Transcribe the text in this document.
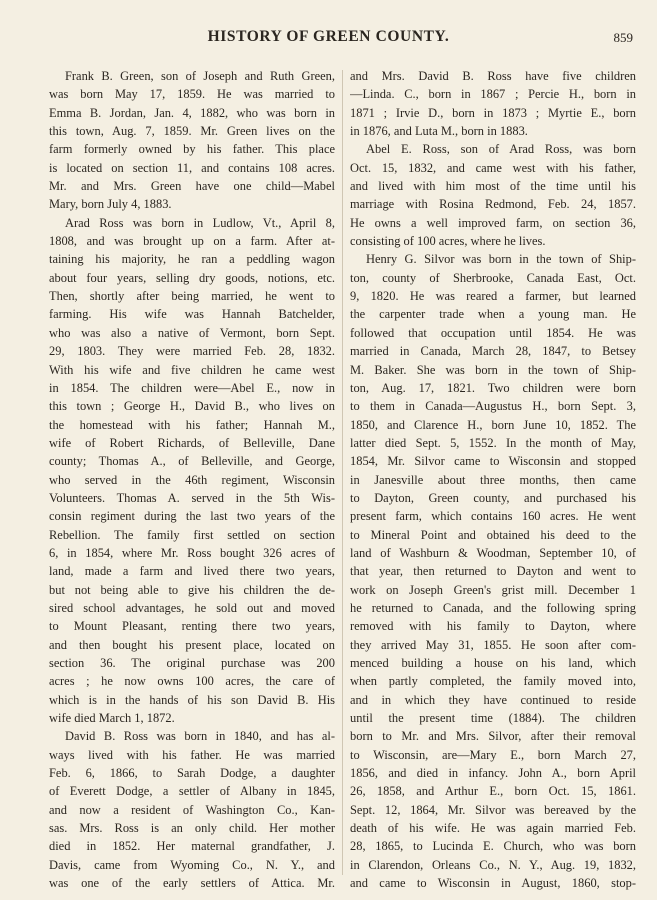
HISTORY OF GREEN COUNTY.	859
Frank B. Green, son of Joseph and Ruth Green,
was born May 17, 1859. He was married to
Emma B. Jordan, Jan. 4, 1882, who was born in
this town, Aug. 7, 1859. Mr. Green lives on the
farm formerly owned by his father. This place
is located on section 11, and contains 108 acres.
Mr. and Mrs. Green have one child—Mabel
Mary, born July 4, 1883.
Arad Ross was born in Ludlow, Vt., April 8,
1808, and was brought up on a farm. After at-
taining his majority, he ran a peddling wagon
about four years, selling dry goods, notions, etc.
Then, shortly after being married, he went to
farming. His wife was Hannah Batchelder,
who was also a native of Vermont, born Sept.
29, 1803. They were married Feb. 28, 1832.
With his wife and five children he came west
in 1854. The children were—Abel E., now in
this town ; George H., David B., who lives on
the homestead with his father; Hannah M.,
wife of Robert Richards, of Belleville, Dane
county; Thomas A., of Belleville, and George,
who served in the 46th regiment, Wisconsin
Volunteers. Thomas A. served in the 5th Wis-
consin regiment during the last two years of the
Rebellion. The family first settled on section
6, in 1854, where Mr. Ross bought 326 acres of
land, made a farm and lived there two years,
but not being able to give his children the de-
sired school advantages, he sold out and moved
to Mount Pleasant, renting there two years,
and then bought his present place, located on
section 36. The original purchase was 200
acres ; he now owns 100 acres, the care of
which is in the hands of his son David B. His
wife died March 1, 1872.
David B. Ross was born in 1840, and has al-
ways lived with his father. He was married
Feb. 6, 1866, to Sarah Dodge, a daughter
of Everett Dodge, a settler of Albany in 1845,
and now a resident of Washington Co., Kan-
sas. Mrs. Ross is an only child. Her mother
died in 1852. Her maternal grandfather, J.
Davis, came from Wyoming Co., N. Y., and
was one of the early settlers of Attica. Mr.
and Mrs. David B. Ross have five children
—Linda. C., born in 1867 ; Percie H., born in
1871 ; Irvie D., born in 1873 ; Myrtie E., born
in 1876, and Luta M., born in 1883.
Abel E. Ross, son of Arad Ross, was born
Oct. 15, 1832, and came west with his father,
and lived with him most of the time until his
marriage with Rosina Redmond, Feb. 24, 1857.
He owns a well improved farm, on section 36,
consisting of 100 acres, where he lives.
Henry G. Silvor was born in the town of Ship-
ton, county of Sherbrooke, Canada East, Oct.
9, 1820. He was reared a farmer, but learned
the carpenter trade when a young man. He
followed that occupation until 1854. He was
married in Canada, March 28, 1847, to Betsey
M. Baker. She was born in the town of Ship-
ton, Aug. 17, 1821. Two children were born
to them in Canada—Augustus H., born Sept. 3,
1850, and Clarence H., born June 10, 1852. The
latter died Sept. 5, 1552. In the month of May,
1854, Mr. Silvor came to Wisconsin and stopped
in Janesville about three months, then came
to Dayton, Green county, and purchased his
present farm, which contains 160 acres. He went
to Mineral Point and obtained his deed to the
land of Washburn & Woodman, September 10, of
that year, then returned to Dayton and went to
work on Joseph Green's grist mill. December 1
he returned to Canada, and the following spring
removed with his family to Dayton, where
they arrived May 31, 1855. He soon after com-
menced building a house on his land, which
when partly completed, the family moved into,
and in which they have continued to reside
until the present time (1884). The children
born to Mr. and Mrs. Silvor, after their removal
to Wisconsin, are—Mary E., born March 27,
1856, and died in infancy. John A., born April
26, 1858, and Arthur E., born Oct. 15, 1861.
Sept. 12, 1864, Mr. Silvor was bereaved by the
death of his wife. He was again married Feb.
28, 1865, to Lucinda E. Church, who was born
in Clarendon, Orleans Co., N. Y., Aug. 19, 1832,
and came to Wisconsin in August, 1860, stop-
